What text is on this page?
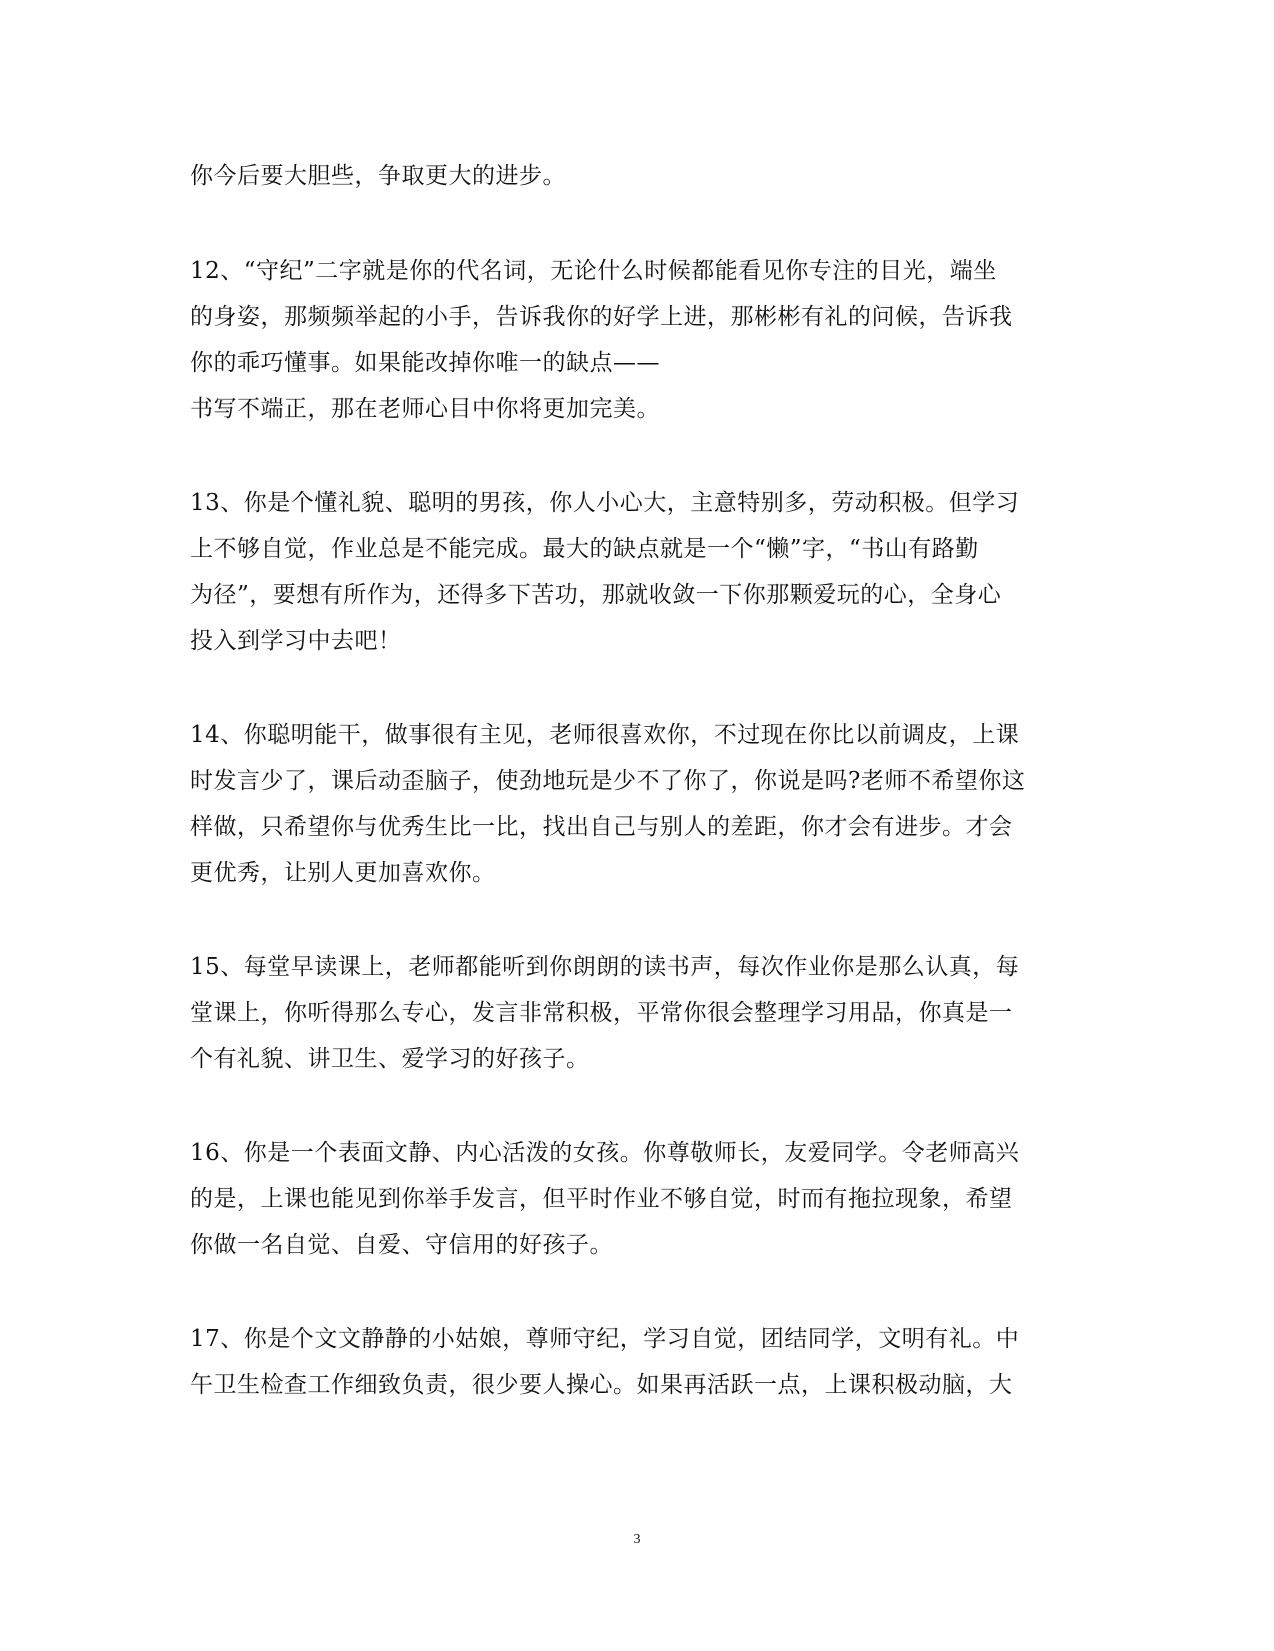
你今后要大胆些，争取更大的进步。
12、“守纪”二字就是你的代名词，无论什么时候都能看见你专注的目光，端坐
的身姿，那频频举起的小手，告诉我你的好学上进，那彬彬有礼的问候，告诉我
你的乖巧懂事。如果能改掉你唯一的缺点——
书写不端正，那在老师心目中你将更加完美。
13、你是个懂礼貌、聪明的男孩，你人小心大，主意特别多，劳动积极。但学习
上不够自觉，作业总是不能完成。最大的缺点就是一个“懒”字，“书山有路勤
为径”，要想有所作为，还得多下苦功，那就收敛一下你那颗爱玩的心，全身心
投入到学习中去吧！
14、你聪明能干，做事很有主见，老师很喜欢你，不过现在你比以前调皮，上课
时发言少了，课后动歪脑子，使劲地玩是少不了你了，你说是吗?老师不希望你这
样做，只希望你与优秀生比一比，找出自己与别人的差距，你才会有进步。才会
更优秀，让别人更加喜欢你。
15、每堂早读课上，老师都能听到你朗朗的读书声，每次作业你是那么认真，每
堂课上，你听得那么专心，发言非常积极，平常你很会整理学习用品，你真是一
个有礼貌、讲卫生、爱学习的好孩子。
16、你是一个表面文静、内心活泼的女孩。你尊敬师长，友爱同学。令老师高兴
的是，上课也能见到你举手发言，但平时作业不够自觉，时而有拖拉现象，希望
你做一名自觉、自爱、守信用的好孩子。
17、你是个文文静静的小姑娘，尊师守纪，学习自觉，团结同学，文明有礼。中
午卫生检查工作细致负责，很少要人操心。如果再活跃一点，上课积极动脑，大
3
